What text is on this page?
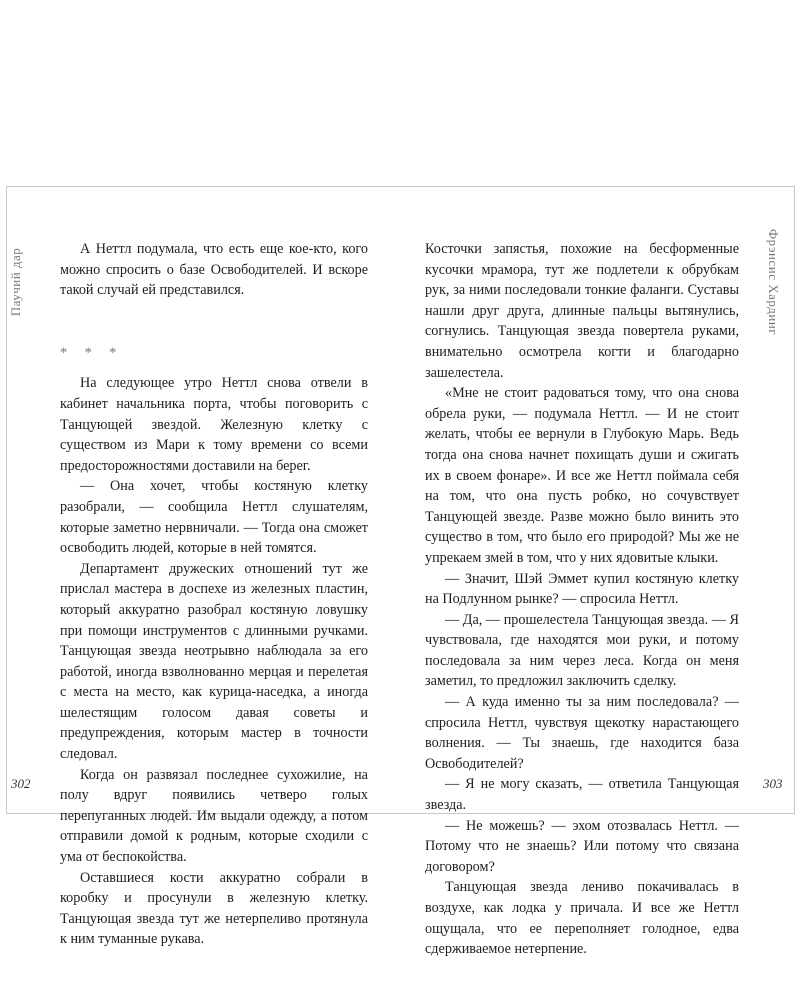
Паучий дар	Фрэнсис Хардинг

А Неттл подумала, что есть еще кое-кто, кого можно спросить о базе Освободителей. И вскоре такой случай ей представился.

* * *

На следующее утро Неттл снова отвели в кабинет начальника порта, чтобы поговорить с Танцующей звездой. Железную клетку с существом из Мари к тому времени со всеми предосторожностями доставили на берег.

— Она хочет, чтобы костяную клетку разобрали, — сообщила Неттл слушателям, которые заметно нервничали. — Тогда она сможет освободить людей, которые в ней томятся.

Департамент дружеских отношений тут же прислал мастера в доспехе из железных пластин, который аккуратно разобрал костяную ловушку при помощи инструментов с длинными ручками. Танцующая звезда неотрывно наблюдала за его работой, иногда взволнованно мерцая и перелетая с места на место, как курица-наседка, а иногда шелестящим голосом давая советы и предупреждения, которым мастер в точности следовал.

Когда он развязал последнее сухожилие, на полу вдруг появились четверо голых перепуганных людей. Им выдали одежду, а потом отправили домой к родным, которые сходили с ума от беспокойства.

Оставшиеся кости аккуратно собрали в коробку и просунули в железную клетку. Танцующая звезда тут же нетерпеливо протянула к ним туманные рукава.

Косточки запястья, похожие на бесформенные кусочки мрамора, тут же подлетели к обрубкам рук, за ними последовали тонкие фаланги. Суставы нашли друг друга, длинные пальцы вытянулись, согнулись. Танцующая звезда повертела руками, внимательно осмотрела когти и благодарно зашелестела.

«Мне не стоит радоваться тому, что она снова обрела руки, — подумала Неттл. — И не стоит желать, чтобы ее вернули в Глубокую Марь. Ведь тогда она снова начнет похищать души и сжигать их в своем фонаре». И все же Неттл поймала себя на том, что она пусть робко, но сочувствует Танцующей звезде. Разве можно было винить это существо в том, что было его природой? Мы же не упрекаем змей в том, что у них ядовитые клыки.

— Значит, Шэй Эммет купил костяную клетку на Подлунном рынке? — спросила Неттл.

— Да, — прошелестела Танцующая звезда. — Я чувствовала, где находятся мои руки, и потому последовала за ним через леса. Когда он меня заметил, то предложил заключить сделку.

— А куда именно ты за ним последовала? — спросила Неттл, чувствуя щекотку нарастающего волнения. — Ты знаешь, где находится база Освободителей?

— Я не могу сказать, — ответила Танцующая звезда.

— Не можешь? — эхом отозвалась Неттл. — Потому что не знаешь? Или потому что связана договором?

Танцующая звезда лениво покачивалась в воздухе, как лодка у причала. И все же Неттл ощущала, что ее переполняет голодное, едва сдерживаемое нетерпение.

302	303
